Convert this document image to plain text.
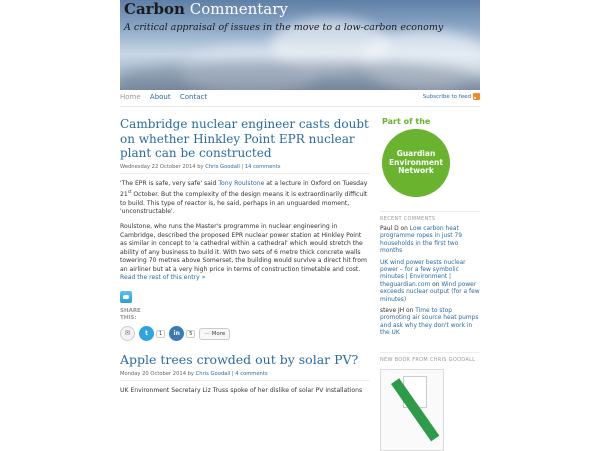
Carbon Commentary
A critical appraisal of issues in the move to a low-carbon economy
Home About Contact	Subscribe to feed
Cambridge nuclear engineer casts doubt on whether Hinkley Point EPR nuclear plant can be constructed
Wednesday 22 October 2014 by Chris Goodall | 14 comments

'The EPR is safe, very safe' said Tony Roulstone at a lecture in Oxford on Tuesday 21st October. But the complexity of the design means it is extraordinarily difficult to build. This type of reactor is, he said, perhaps in an unguarded moment, 'unconstructable'.

Roulstone, who runs the Master's programme in nuclear engineering in Cambridge, described the proposed EPR nuclear power station at Hinkley Point as similar in concept to 'a cathedral within a cathedral' which would stretch the ability of any business to build it. With two sets of 6 metre thick concrete walls towering 70 metres above Somerset, the building would survive a direct hit from an airliner but at a very high price in terms of construction timetable and cost. Read the rest of this entry »

SHARE
THIS:
✉	t	1	in	5	⋯ More
Apple trees crowded out by solar PV?
Monday 20 October 2014 by Chris Goodall | 4 comments

UK Environment Secretary Liz Truss spoke of her dislike of solar PV installations

Part of the
Guardian
Environment
Network
RECENT COMMENTS
Paul D on Low carbon heat programme ropes in just 79 households in the first two months
UK wind power bests nuclear power – for a few symbolic minutes | Environment | theguardian.com on Wind power exceeds nuclear output (for a few minutes)
steve JH on Time to stop promoting air source heat pumps and ask why they don't work in the UK
NEW BOOK FROM CHRIS GOODALL
